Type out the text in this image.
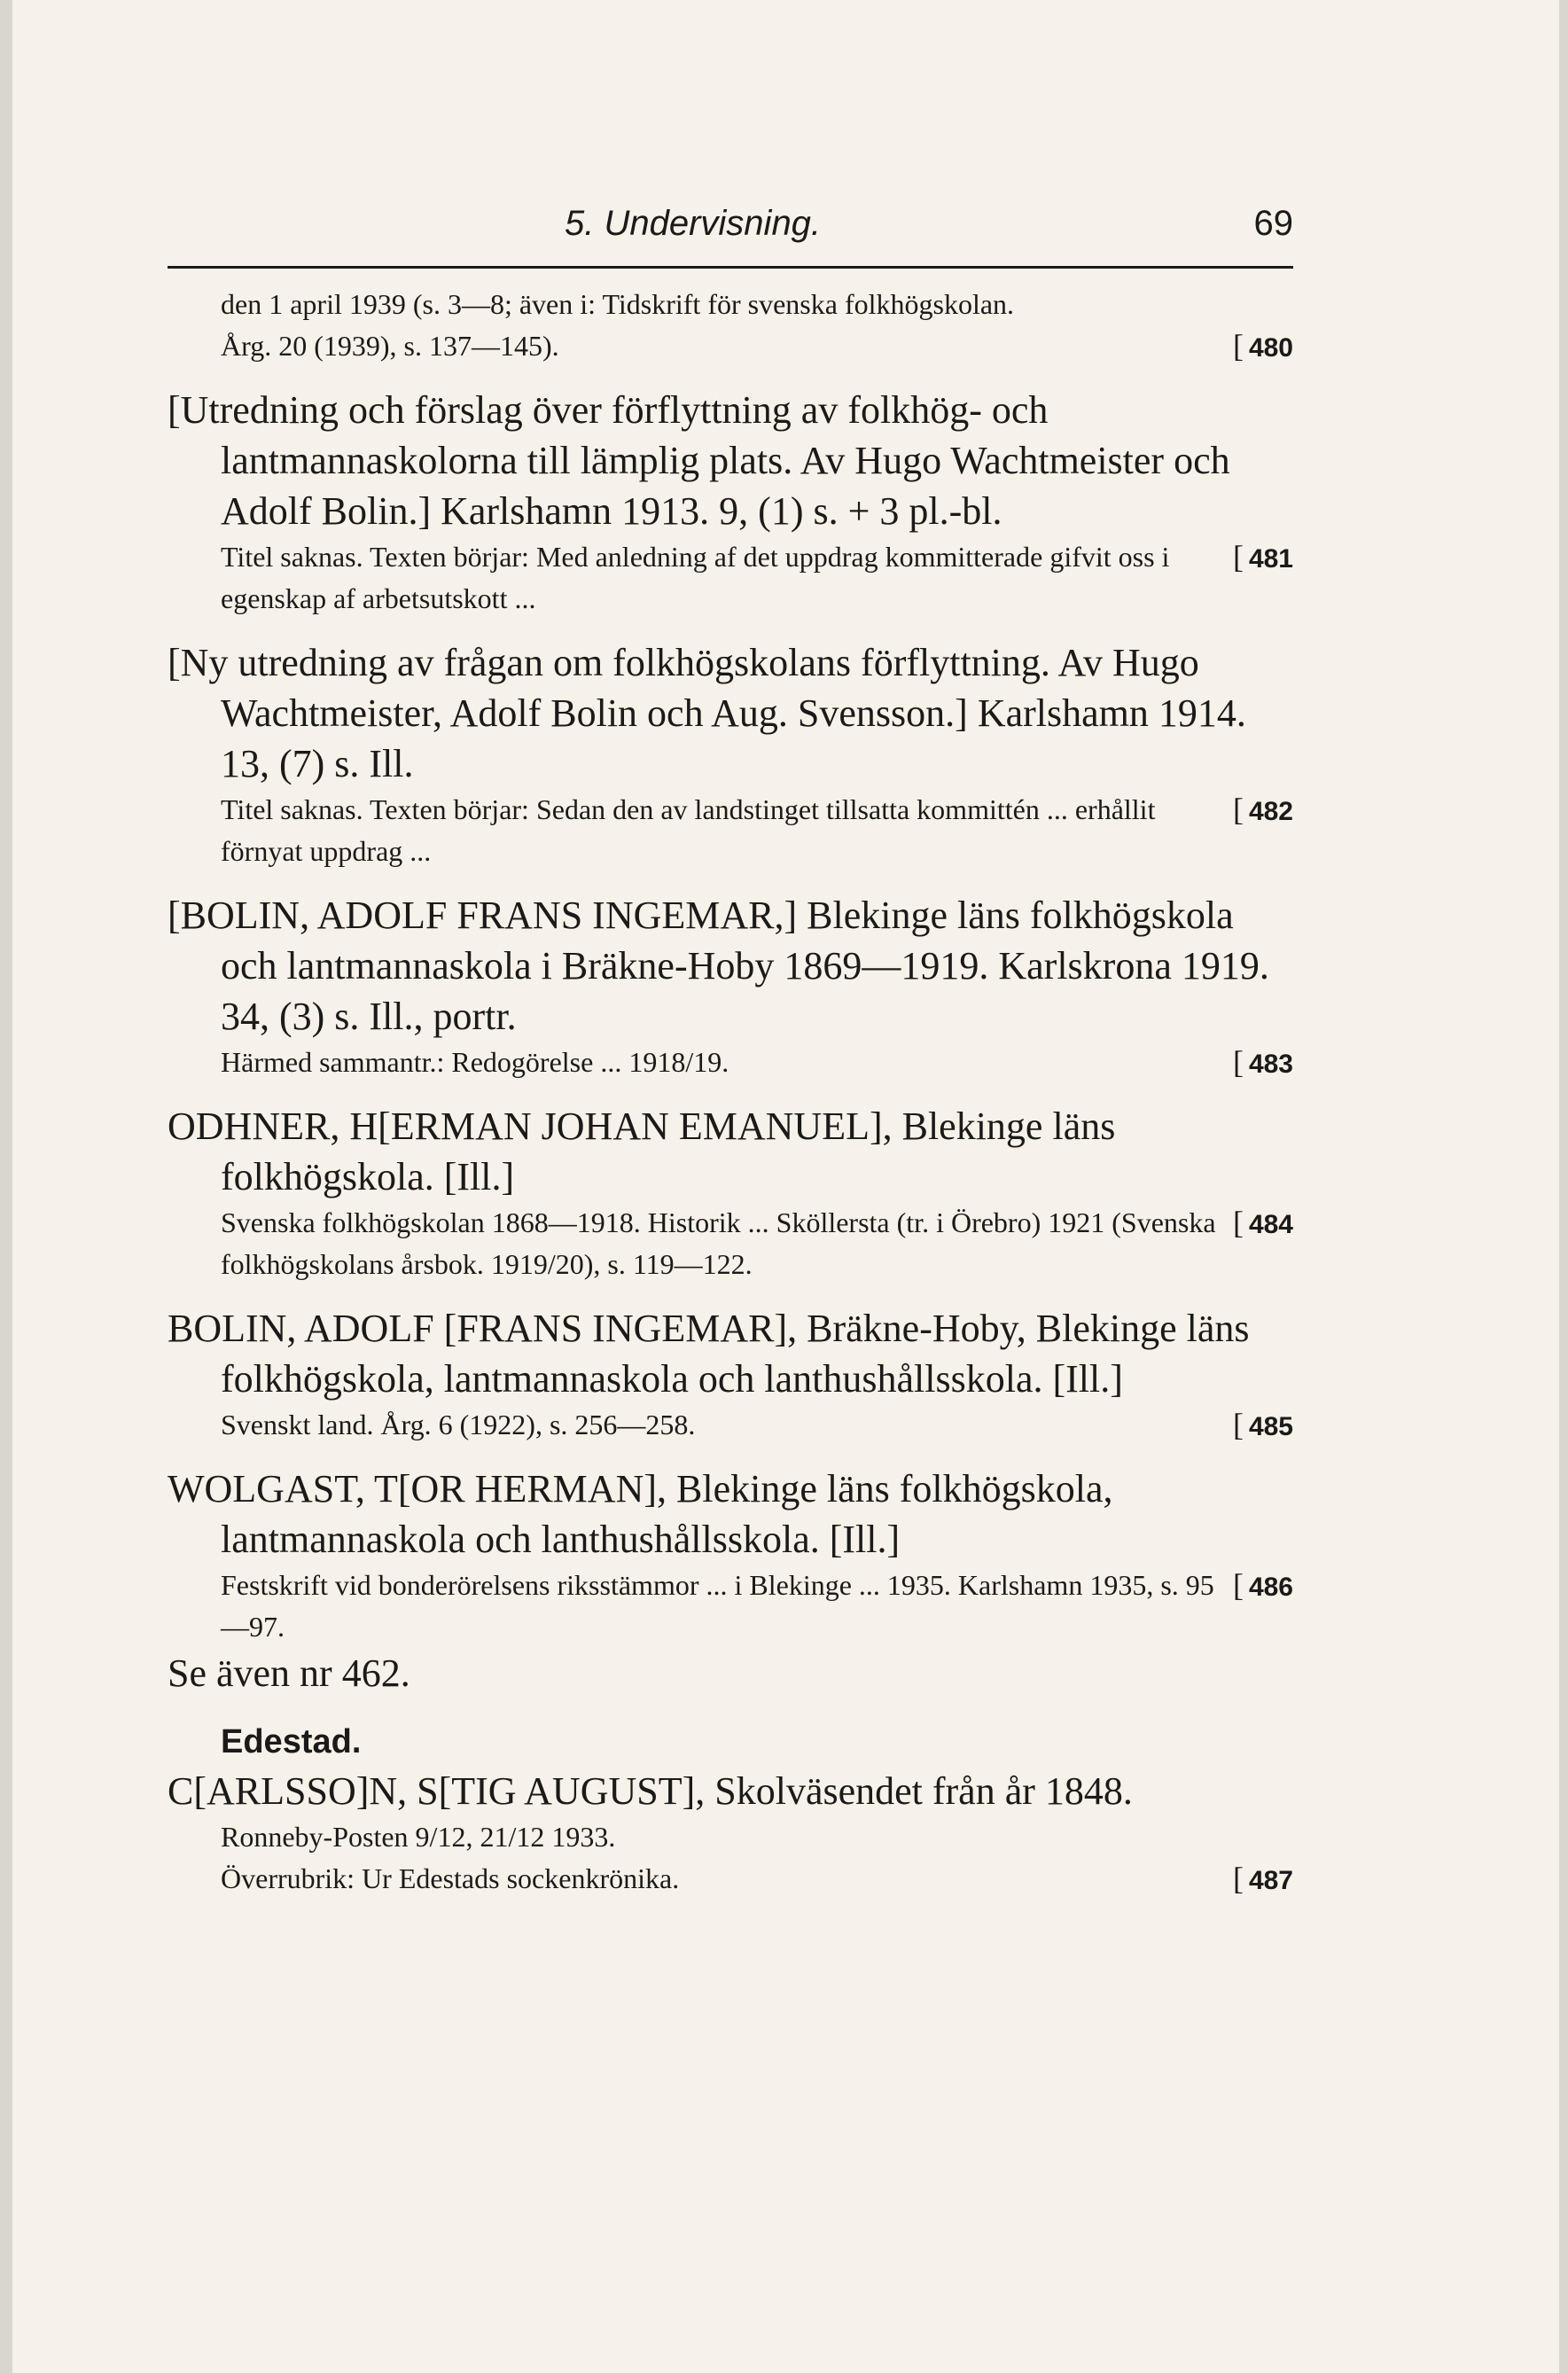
5. Undervisning.	69

den 1 april 1939 (s. 3—8; även i: Tidskrift för svenska folkhögskolan.

[ 480
Årg. 20 (1939), s. 137—145).

[Utredning och förslag över förflyttning av folkhög- och lantmannaskolorna till lämplig plats. Av Hugo Wachtmeister och Adolf Bolin.] Karlshamn 1913. 9, (1) s. + 3 pl.-bl.

[ 481
Titel saknas. Texten börjar: Med anledning af det uppdrag kommitterade gifvit oss i egenskap af arbetsutskott ...

[Ny utredning av frågan om folkhögskolans förflyttning. Av Hugo Wachtmeister, Adolf Bolin och Aug. Svensson.] Karlshamn 1914. 13, (7) s. Ill.

[ 482
Titel saknas. Texten börjar: Sedan den av landstinget tillsatta kommittén ... erhållit förnyat uppdrag ...

[BOLIN, ADOLF FRANS INGEMAR,] Blekinge läns folkhögskola och lantmannaskola i Bräkne-Hoby 1869—1919. Karlskrona 1919. 34, (3) s. Ill., portr.

[ 483
Härmed sammantr.: Redogörelse ... 1918/19.

ODHNER, H[ERMAN JOHAN EMANUEL], Blekinge läns folkhögskola. [Ill.]

[ 484
Svenska folkhögskolan 1868—1918. Historik ... Sköllersta (tr. i Örebro) 1921 (Svenska folkhögskolans årsbok. 1919/20), s. 119—122.

BOLIN, ADOLF [FRANS INGEMAR], Bräkne-Hoby, Blekinge läns folkhögskola, lantmannaskola och lanthushållsskola. [Ill.]

[ 485
Svenskt land. Årg. 6 (1922), s. 256—258.

WOLGAST, T[OR HERMAN], Blekinge läns folkhögskola, lantmannaskola och lanthushållsskola. [Ill.]

[ 486
Festskrift vid bonderörelsens riksstämmor ... i Blekinge ... 1935. Karlshamn 1935, s. 95—97.

Se även nr 462.

Edestad.

C[ARLSSO]N, S[TIG AUGUST], Skolväsendet från år 1848.

Ronneby-Posten 9/12, 21/12 1933.

[ 487
Överrubrik: Ur Edestads sockenkrönika.
